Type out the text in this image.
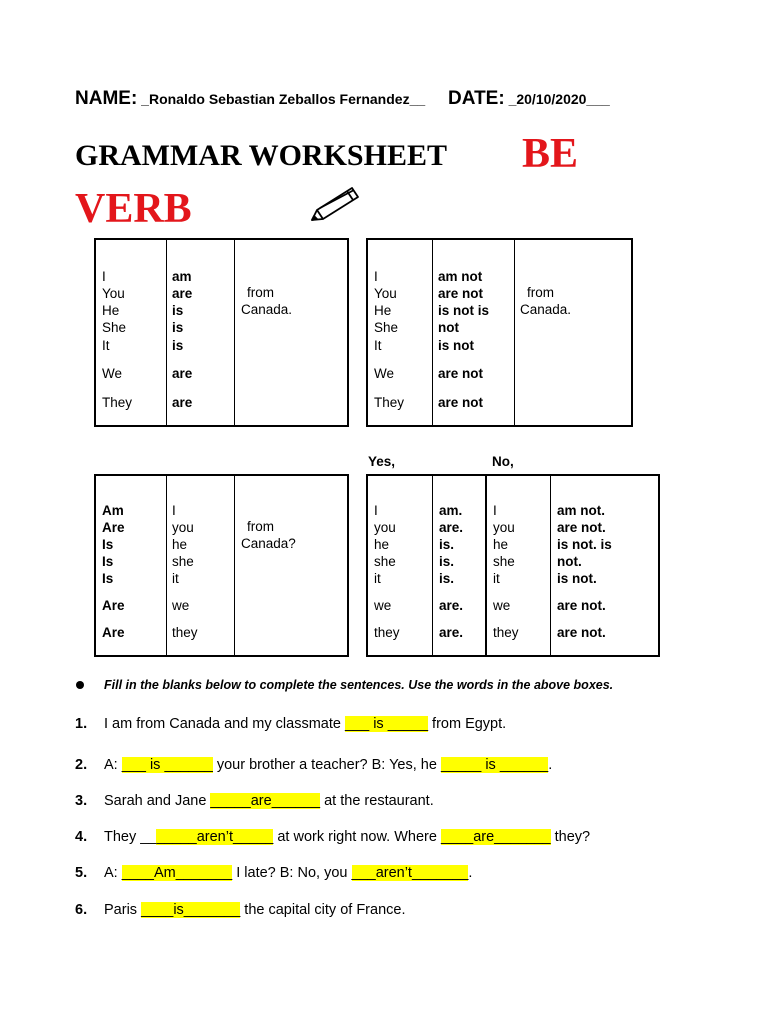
NAME: _Ronaldo Sebastian Zeballos Fernandez__ DATE: _20/10/2020___
GRAMMAR WORKSHEET BE
VERB
I
You
He
She
It
We
They
am
are
is
is
is
are
are
from
Canada.
I
You
He
She
It
We
They
am not
are not
is not is
not
is not
are not
are not
from
Canada.
Yes,	No,
Am
Are
Is
Is
Is
Are
Are
I
you
he
she
it
we
they
from
Canada?
I
you
he
she
it
we
they
am.
are.
is.
is.
is.
are.
are.
I
you
he
she
it
we
they
am not.
are not.
is not. is
not.
is not.
are not.
are not.
Fill in the blanks below to complete the sentences. Use the words in the above boxes.
1. I am from Canada and my classmate ___ is _____ from Egypt.
2. A: ___ is ______ your brother a teacher? B: Yes, he _____ is ______.
3. Sarah and Jane _____are______ at the restaurant.
4. They _______aren’t_____ at work right now. Where ____are_______ they?
5. A: ____Am_______ I late? B: No, you ___aren’t_______.
6. Paris ____is_______ the capital city of France.
